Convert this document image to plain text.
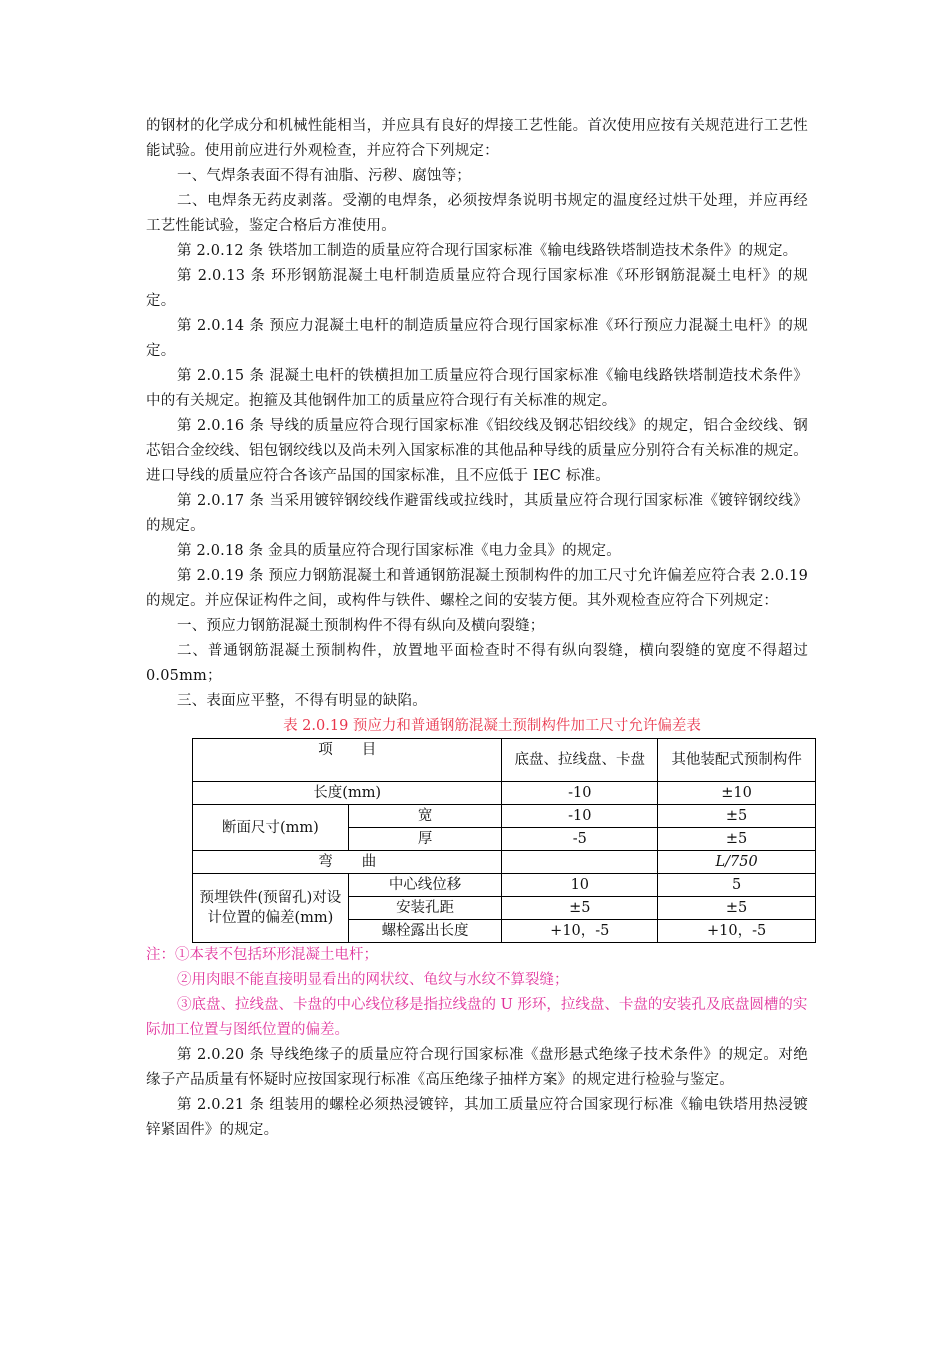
的钢材的化学成分和机械性能相当，并应具有良好的焊接工艺性能。首次使用应按有关规范进行工艺性能试验。使用前应进行外观检查，并应符合下列规定：

一、气焊条表面不得有油脂、污秽、腐蚀等；

二、电焊条无药皮剥落。受潮的电焊条，必须按焊条说明书规定的温度经过烘干处理，并应再经工艺性能试验，鉴定合格后方准使用。

第 2.0.12 条 铁塔加工制造的质量应符合现行国家标准《输电线路铁塔制造技术条件》的规定。

第 2.0.13 条 环形钢筋混凝土电杆制造质量应符合现行国家标准《环形钢筋混凝土电杆》的规定。

第 2.0.14 条 预应力混凝土电杆的制造质量应符合现行国家标准《环行预应力混凝土电杆》的规定。

第 2.0.15 条 混凝土电杆的铁横担加工质量应符合现行国家标准《输电线路铁塔制造技术条件》中的有关规定。抱箍及其他钢件加工的质量应符合现行有关标准的规定。

第 2.0.16 条 导线的质量应符合现行国家标准《铝绞线及钢芯铝绞线》的规定，铝合金绞线、钢芯铝合金绞线、铝包钢绞线以及尚未列入国家标准的其他品种导线的质量应分别符合有关标准的规定。进口导线的质量应符合各该产品国的国家标准，且不应低于 IEC 标准。

第 2.0.17 条 当采用镀锌钢绞线作避雷线或拉线时，其质量应符合现行国家标准《镀锌钢绞线》的规定。

第 2.0.18 条 金具的质量应符合现行国家标准《电力金具》的规定。

第 2.0.19 条 预应力钢筋混凝土和普通钢筋混凝土预制构件的加工尺寸允许偏差应符合表 2.0.19 的规定。并应保证构件之间，或构件与铁件、螺栓之间的安装方便。其外观检查应符合下列规定：

一、预应力钢筋混凝土预制构件不得有纵向及横向裂缝；

二、普通钢筋混凝土预制构件，放置地平面检查时不得有纵向裂缝，横向裂缝的宽度不得超过 0.05mm；

三、表面应平整，不得有明显的缺陷。

表 2.0.19 预应力和普通钢筋混凝土预制构件加工尺寸允许偏差表

项　　目		底盘、拉线盘、卡盘	其他装配式预制构件
长度(mm)		-10	±10
断面尺寸(mm)	宽	-10	±5
	厚	-5	±5
弯　　曲			L/750
预埋铁件(预留孔)对设计位置的偏差(mm)	中心线位移	10	5
	安装孔距	±5	±5
	螺栓露出长度	+10，-5	+10，-5

注：①本表不包括环形混凝土电杆；

②用肉眼不能直接明显看出的网状纹、龟纹与水纹不算裂缝；

③底盘、拉线盘、卡盘的中心线位移是指拉线盘的 U 形环，拉线盘、卡盘的安装孔及底盘圆槽的实际加工位置与图纸位置的偏差。

第 2.0.20 条 导线绝缘子的质量应符合现行国家标准《盘形悬式绝缘子技术条件》的规定。对绝缘子产品质量有怀疑时应按国家现行标准《高压绝缘子抽样方案》的规定进行检验与鉴定。

第 2.0.21 条 组装用的螺栓必须热浸镀锌，其加工质量应符合国家现行标准《输电铁塔用热浸镀锌紧固件》的规定。
